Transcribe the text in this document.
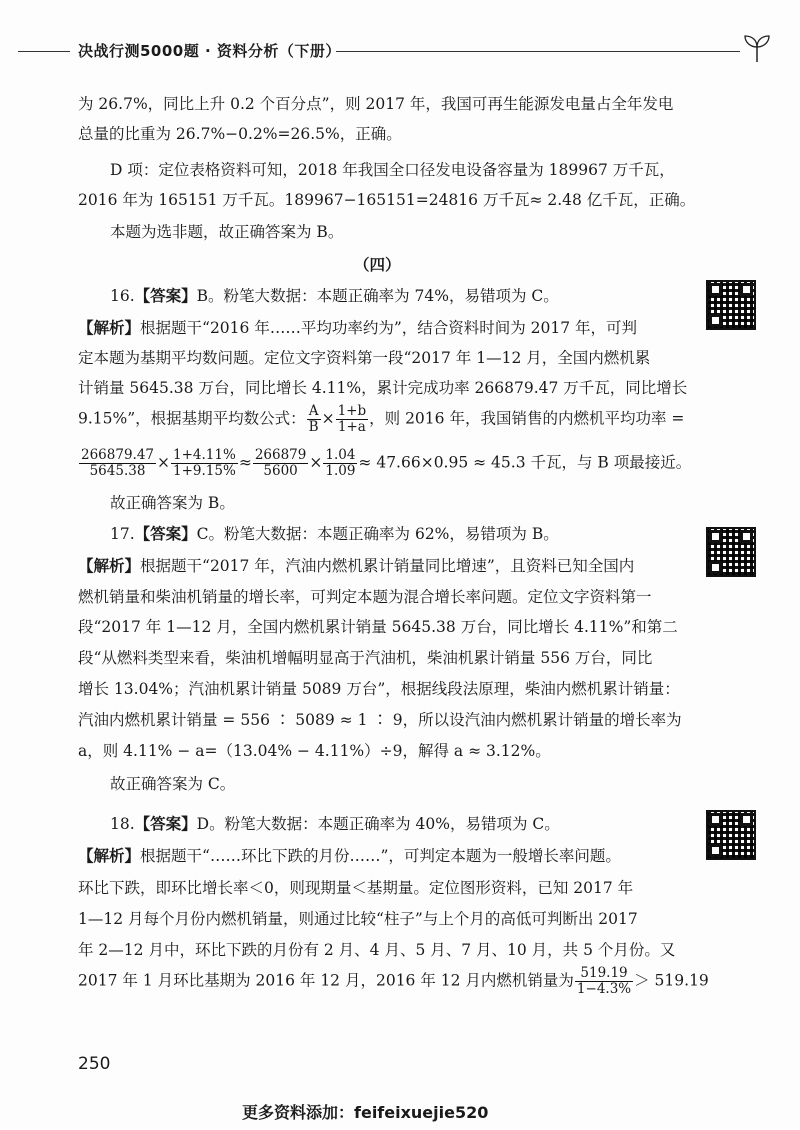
决战行测5000题 · 资料分析（下册）
为 26.7%，同比上升 0.2 个百分点”，则 2017 年，我国可再生能源发电量占全年发电
总量的比重为 26.7%−0.2%=26.5%，正确。
D 项：定位表格资料可知，2018 年我国全口径发电设备容量为 189967 万千瓦，
2016 年为 165151 万千瓦。189967−165151=24816 万千瓦≈ 2.48 亿千瓦，正确。
本题为选非题，故正确答案为 B。
（四）
16.【答案】B。粉笔大数据：本题正确率为 74%，易错项为 C。
【解析】根据题干“2016 年……平均功率约为”，结合资料时间为 2017 年，可判
定本题为基期平均数问题。定位文字资料第一段“2017 年 1—12 月，全国内燃机累
计销量 5645.38 万台，同比增长 4.11%，累计完成功率 266879.47 万千瓦，同比增长
9.15%”，根据基期平均数公式： $\frac{A}{B} \times \frac{1+b}{1+a}$ ，则 2016 年，我国销售的内燃机平均功率 =
$\frac{266879.47}{5645.38} \times \frac{1+4.11\%}{1+9.15\%} \approx \frac{266879}{5600} \times \frac{1.04}{1.09} \approx 47.66\times 0.95 \approx 45.3$ 千瓦，与 B 项最接近。
故正确答案为 B。
17.【答案】C。粉笔大数据：本题正确率为 62%，易错项为 B。
【解析】根据题干“2017 年，汽油内燃机累计销量同比增速”，且资料已知全国内
燃机销量和柴油机销量的增长率，可判定本题为混合增长率问题。定位文字资料第一
段“2017 年 1—12 月，全国内燃机累计销量 5645.38 万台，同比增长 4.11%”和第二
段“从燃料类型来看，柴油机增幅明显高于汽油机，柴油机累计销量 556 万台，同比
增长 13.04%；汽油机累计销量 5089 万台”，根据线段法原理，柴油内燃机累计销量：
汽油内燃机累计销量 = 556 ∶ 5089 ≈ 1 ∶ 9，所以设汽油内燃机累计销量的增长率为
a，则 4.11% − a=（13.04% − 4.11%）÷9，解得 a ≈ 3.12%。
故正确答案为 C。
18.【答案】D。粉笔大数据：本题正确率为 40%，易错项为 C。
【解析】根据题干“……环比下跌的月份……”，可判定本题为一般增长率问题。
环比下跌，即环比增长率＜0，则现期量＜基期量。定位图形资料，已知 2017 年
1—12 月每个月份内燃机销量，则通过比较“柱子”与上个月的高低可判断出 2017
年 2—12 月中，环比下跌的月份有 2 月、4 月、5 月、7 月、10 月，共 5 个月份。又
2017 年 1 月环比基期为 2016 年 12 月，2016 年 12 月内燃机销量为 $\frac{519.19}{1-4.3\%} > 519.19$
250
更多资料添加：feifeixuejie520
